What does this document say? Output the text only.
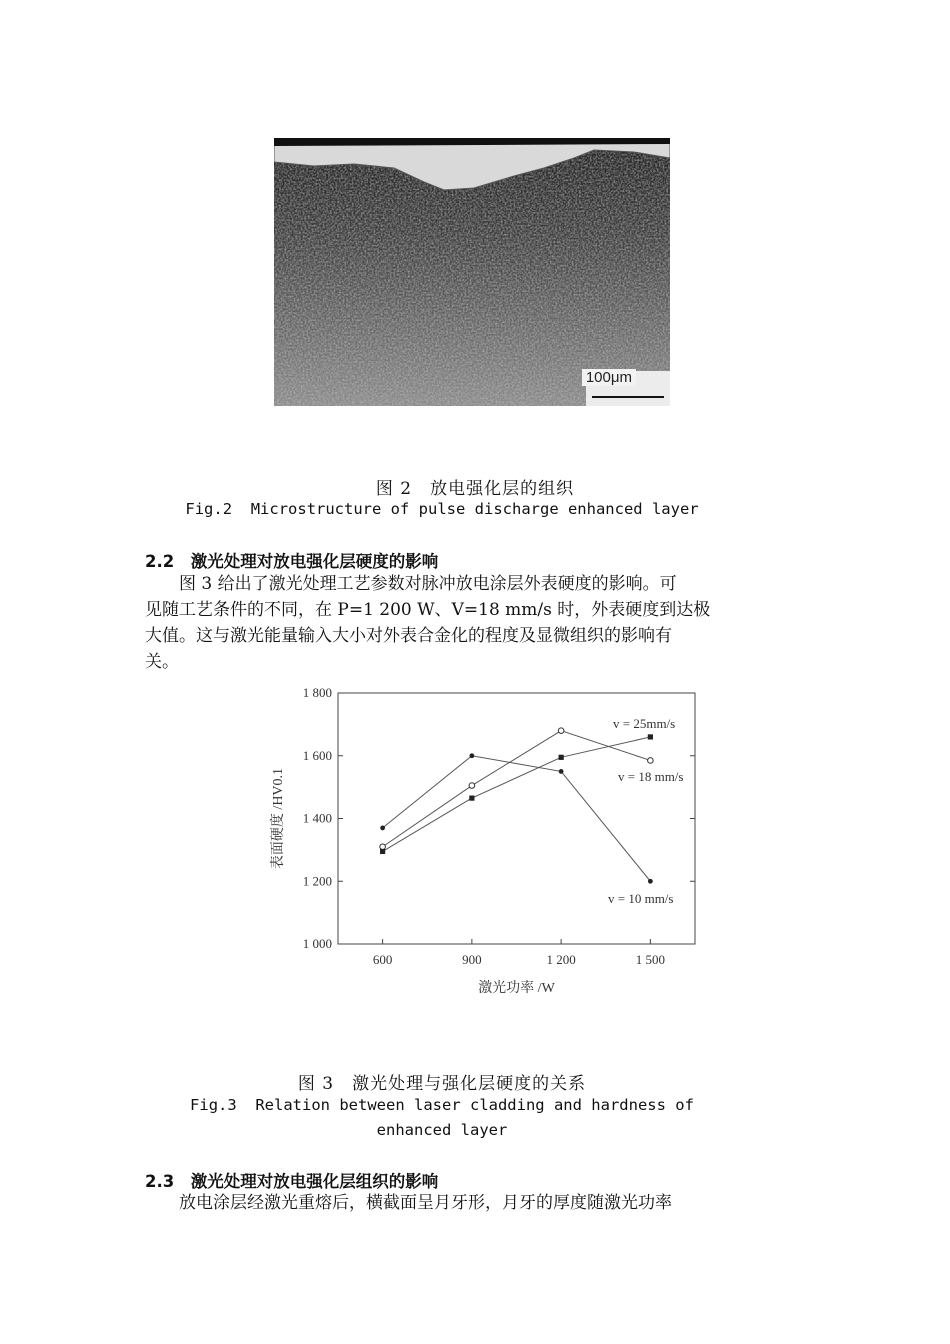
100μm
图 2　放电强化层的组织
Fig.2  Microstructure of pulse discharge enhanced layer
2.2　激光处理对放电强化层硬度的影响
图 3 给出了激光处理工艺参数对脉冲放电涂层外表硬度的影响。可
见随工艺条件的不同，在 P=1 200 W、V=18 mm/s 时，外表硬度到达极
大值。这与激光能量输入大小对外表合金化的程度及显微组织的影响有
关。
1 000
1 200
1 400
1 600
1 800
600	900	1 200	1 500
激光功率 /W
表面硬度 /HV0.1
v = 25mm/s
v = 18 mm/s
v = 10 mm/s
图 3　激光处理与强化层硬度的关系
Fig.3  Relation between laser cladding and hardness of
enhanced layer
2.3　激光处理对放电强化层组织的影响
放电涂层经激光重熔后，横截面呈月牙形，月牙的厚度随激光功率
